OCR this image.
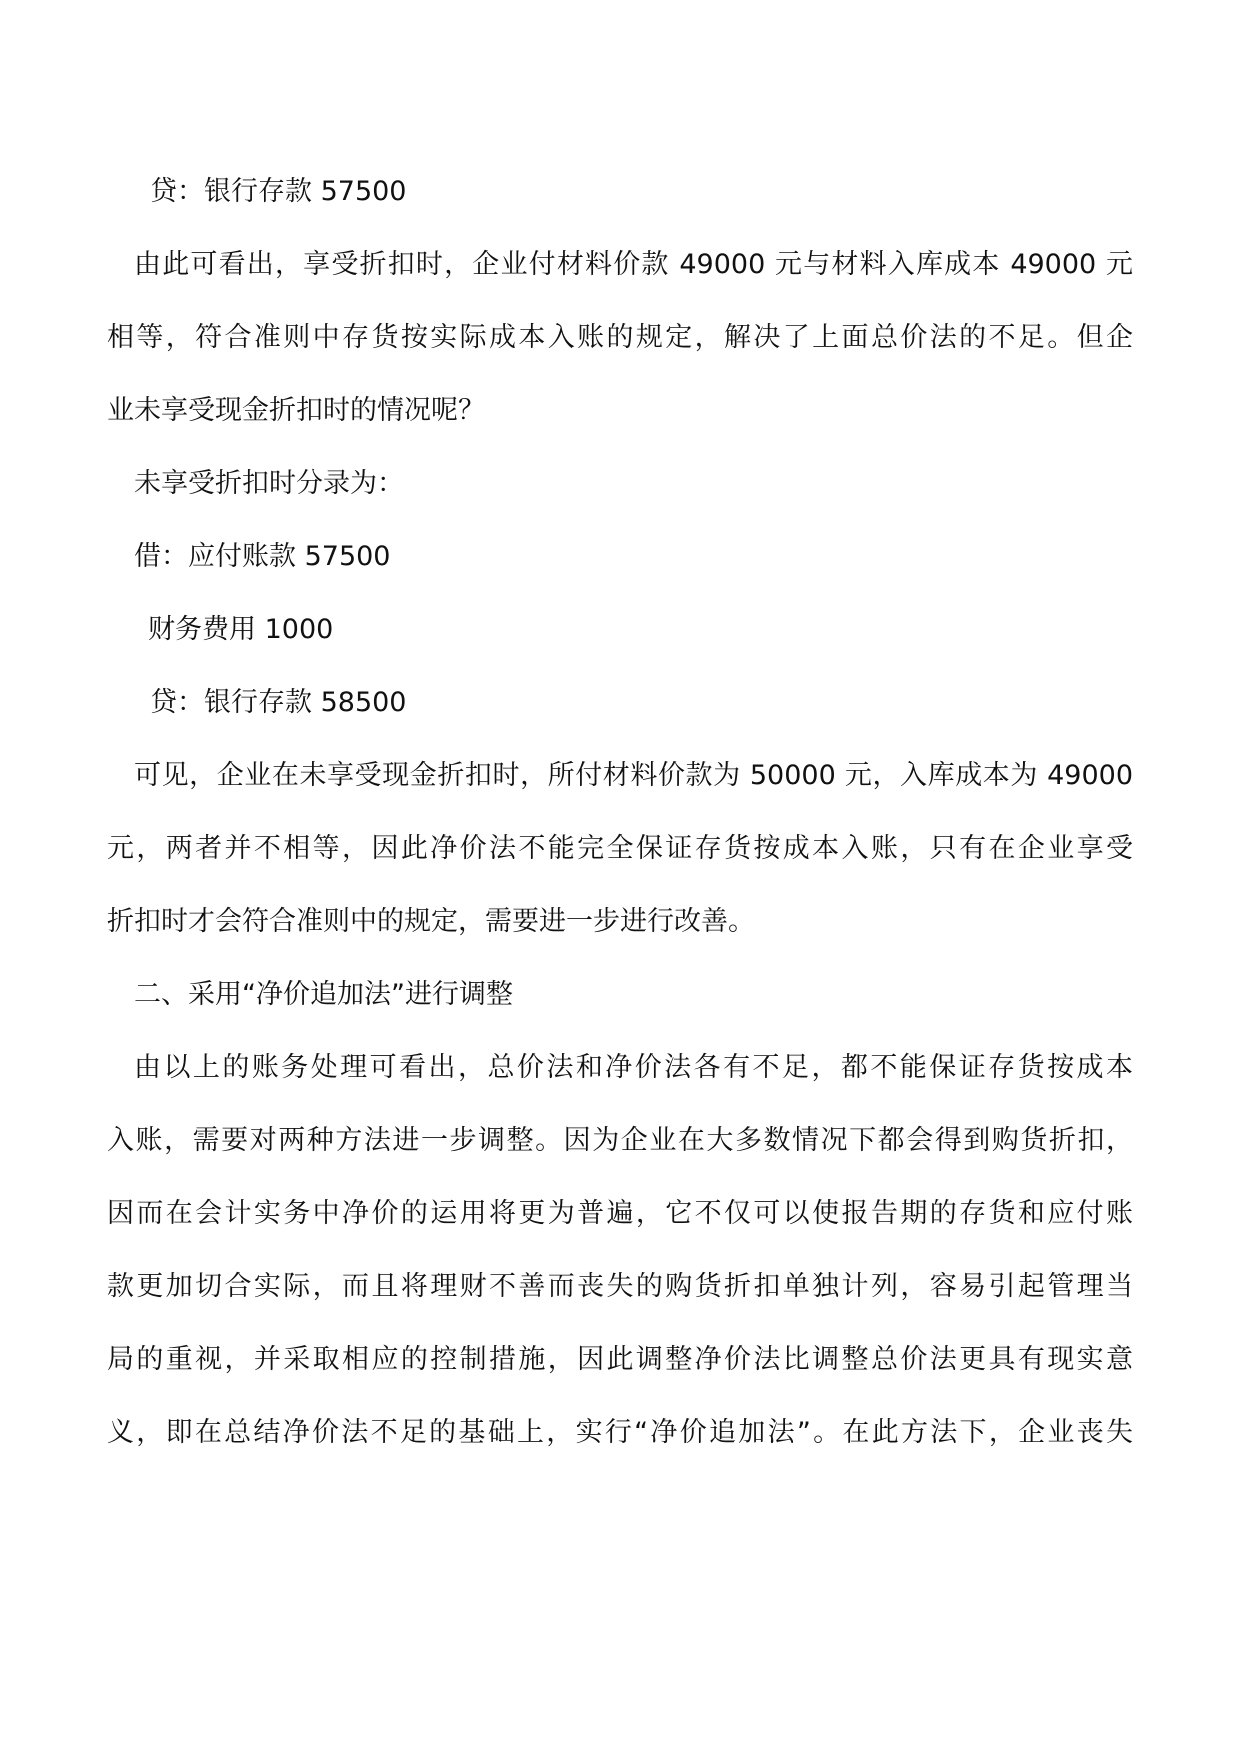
贷：银行存款 57500
由此可看出，享受折扣时，企业付材料价款 49000 元与材料入库成本 49000 元
相等，符合准则中存货按实际成本入账的规定，解决了上面总价法的不足。但企
业未享受现金折扣时的情况呢？
未享受折扣时分录为：
借：应付账款 57500
财务费用 1000
贷：银行存款 58500
可见，企业在未享受现金折扣时，所付材料价款为 50000 元，入库成本为 49000
元，两者并不相等，因此净价法不能完全保证存货按成本入账，只有在企业享受
折扣时才会符合准则中的规定，需要进一步进行改善。
二、采用“净价追加法”进行调整
由以上的账务处理可看出，总价法和净价法各有不足，都不能保证存货按成本
入账，需要对两种方法进一步调整。因为企业在大多数情况下都会得到购货折扣，
因而在会计实务中净价的运用将更为普遍，它不仅可以使报告期的存货和应付账
款更加切合实际，而且将理财不善而丧失的购货折扣单独计列，容易引起管理当
局的重视，并采取相应的控制措施，因此调整净价法比调整总价法更具有现实意
义，即在总结净价法不足的基础上，实行“净价追加法”。在此方法下，企业丧失
